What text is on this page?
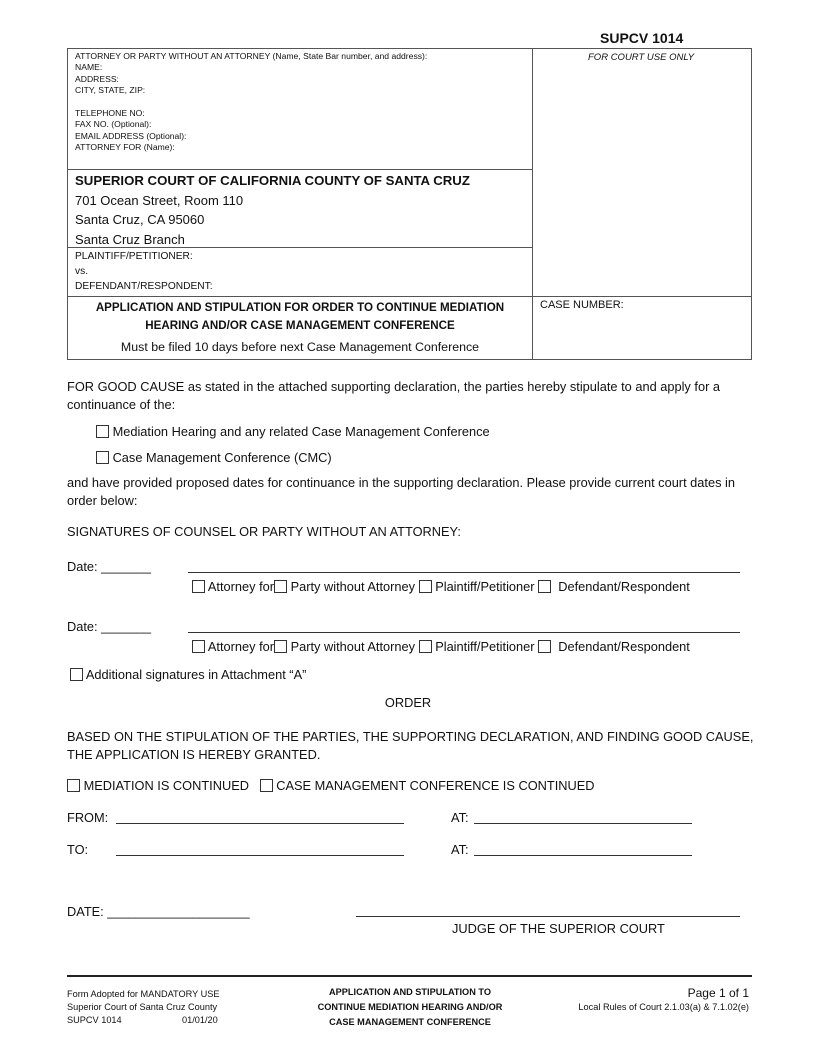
SUPCV 1014
ATTORNEY OR PARTY WITHOUT AN ATTORNEY (Name, State Bar number, and address):
NAME:
ADDRESS:
CITY, STATE, ZIP:
TELEPHONE NO:
FAX NO. (Optional):
EMAIL ADDRESS (Optional):
ATTORNEY FOR (Name):
FOR COURT USE ONLY
SUPERIOR COURT OF CALIFORNIA COUNTY OF SANTA CRUZ
701 Ocean Street, Room 110
Santa Cruz, CA 95060
Santa Cruz Branch
PLAINTIFF/PETITIONER:
vs.
DEFENDANT/RESPONDENT:
APPLICATION AND STIPULATION FOR ORDER TO CONTINUE MEDIATION
HEARING AND/OR CASE MANAGEMENT CONFERENCE
Must be filed 10 days before next Case Management Conference
CASE NUMBER:
FOR GOOD CAUSE as stated in the attached supporting declaration, the parties hereby stipulate to and apply for a continuance of the:
Mediation Hearing and any related Case Management Conference
Case Management Conference (CMC)
and have provided proposed dates for continuance in the supporting declaration. Please provide current court dates in order below:
SIGNATURES OF COUNSEL OR PARTY WITHOUT AN ATTORNEY:
Date: _______
Attorney for Party without Attorney Plaintiff/Petitioner Defendant/Respondent
Date: _______
Attorney for Party without Attorney Plaintiff/Petitioner Defendant/Respondent
Additional signatures in Attachment “A”
ORDER
BASED ON THE STIPULATION OF THE PARTIES, THE SUPPORTING DECLARATION, AND FINDING GOOD CAUSE, THE APPLICATION IS HEREBY GRANTED.
MEDIATION IS CONTINUED CASE MANAGEMENT CONFERENCE IS CONTINUED
FROM:	AT:
TO:	AT:
DATE: ____________________
JUDGE OF THE SUPERIOR COURT
Form Adopted for MANDATORY USE
Superior Court of Santa Cruz County
SUPCV 1014	01/01/20
APPLICATION AND STIPULATION TO
CONTINUE MEDIATION HEARING AND/OR
CASE MANAGEMENT CONFERENCE
Page 1 of 1
Local Rules of Court 2.1.03(a) & 7.1.02(e)
